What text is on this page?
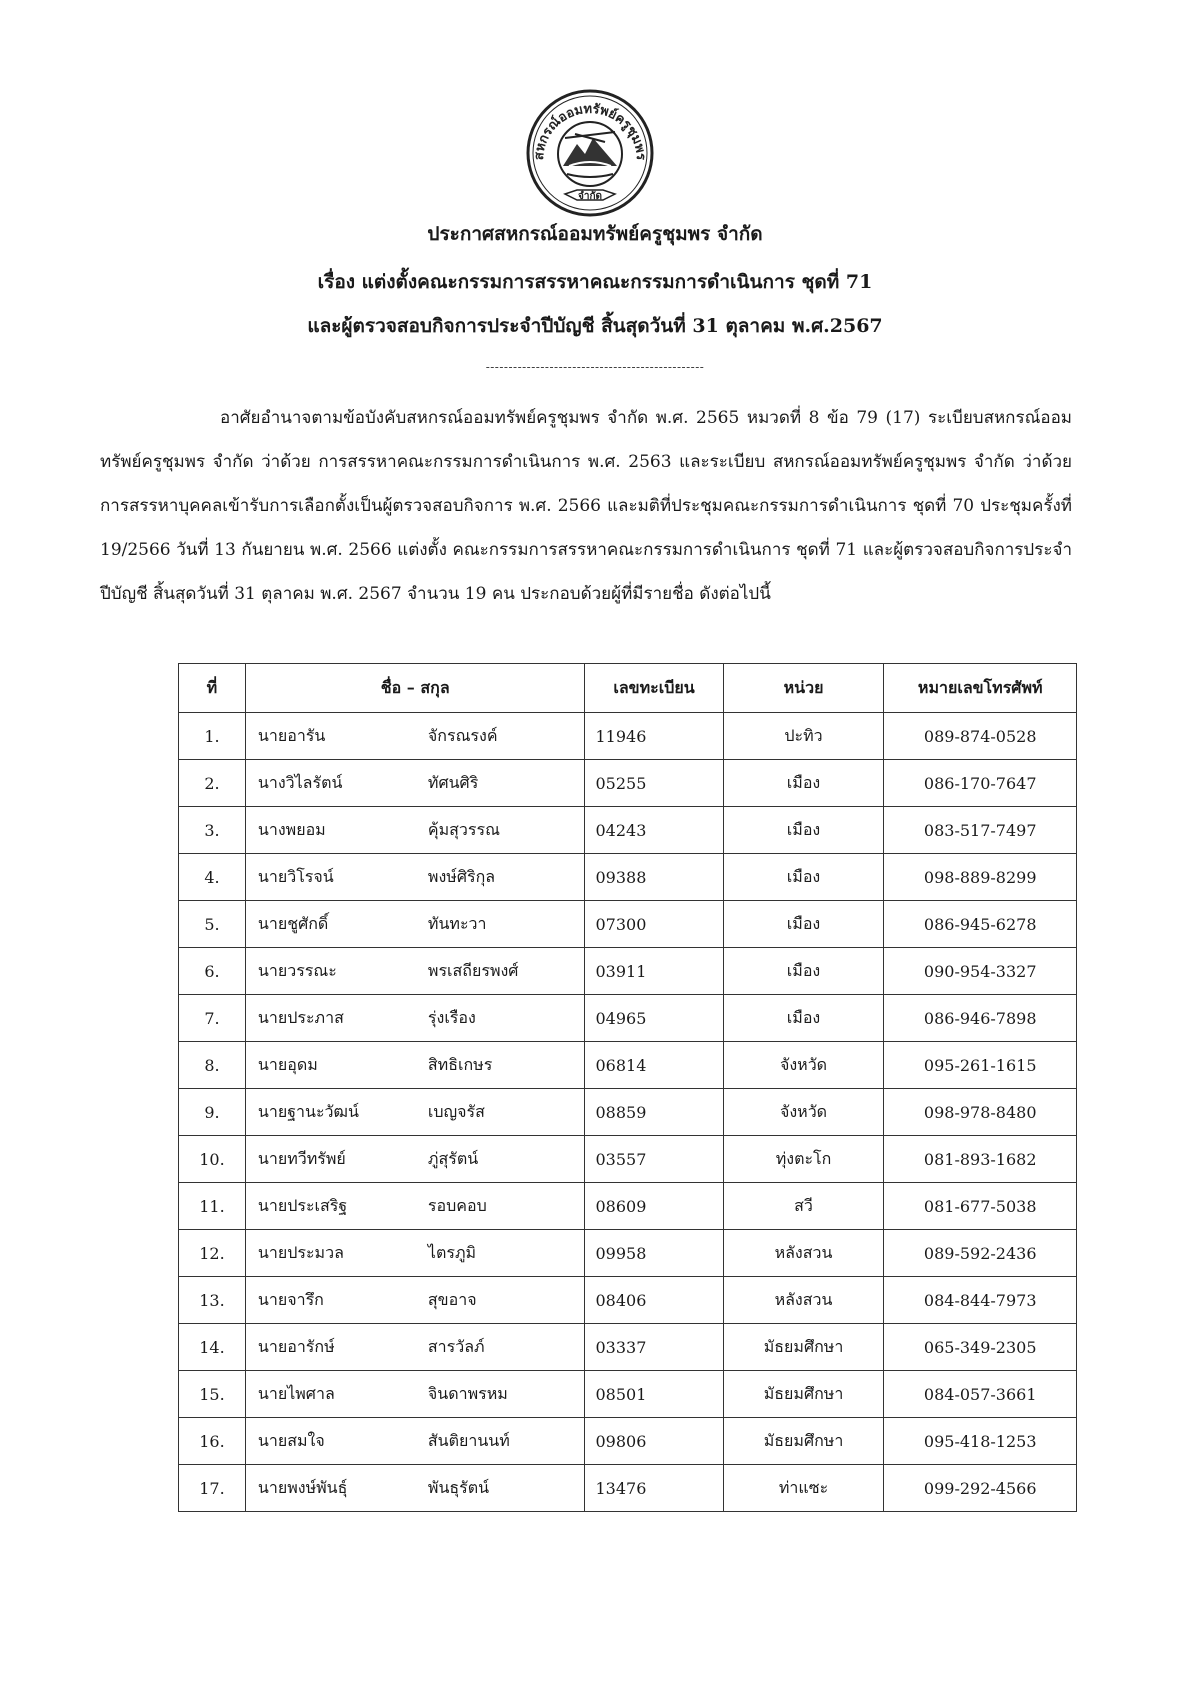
สหกรณ์ออมทรัพย์ครูชุมพร
จำกัด
ประกาศสหกรณ์ออมทรัพย์ครูชุมพร จำกัด
เรื่อง แต่งตั้งคณะกรรมการสรรหาคณะกรรมการดำเนินการ ชุดที่ 71
และผู้ตรวจสอบกิจการประจำปีบัญชี สิ้นสุดวันที่ 31 ตุลาคม พ.ศ.2567
------------------------------------------------
อาศัยอำนาจตามข้อบังคับสหกรณ์ออมทรัพย์ครูชุมพร จำกัด พ.ศ. 2565 หมวดที่ 8 ข้อ 79 (17) ระเบียบสหกรณ์ออมทรัพย์ครูชุมพร จำกัด ว่าด้วย การสรรหาคณะกรรมการดำเนินการ พ.ศ. 2563 และระเบียบ สหกรณ์ออมทรัพย์ครูชุมพร จำกัด ว่าด้วย การสรรหาบุคคลเข้ารับการเลือกตั้งเป็นผู้ตรวจสอบกิจการ พ.ศ. 2566 และมติที่ประชุมคณะกรรมการดำเนินการ ชุดที่ 70 ประชุมครั้งที่ 19/2566 วันที่ 13 กันยายน พ.ศ. 2566 แต่งตั้ง คณะกรรมการสรรหาคณะกรรมการดำเนินการ ชุดที่ 71 และผู้ตรวจสอบกิจการประจำปีบัญชี สิ้นสุดวันที่ 31 ตุลาคม พ.ศ. 2567 จำนวน 19 คน ประกอบด้วยผู้ที่มีรายชื่อ ดังต่อไปนี้
ที่	ชื่อ – สกุล	เลขทะเบียน	หน่วย	หมายเลขโทรศัพท์
1.	นายอารัน จักรณรงค์	11946	ปะทิว	089-874-0528
2.	นางวิไลรัตน์ ทัศนศิริ	05255	เมือง	086-170-7647
3.	นางพยอม คุ้มสุวรรณ	04243	เมือง	083-517-7497
4.	นายวิโรจน์ พงษ์ศิริกุล	09388	เมือง	098-889-8299
5.	นายชูศักดิ์ ทันทะวา	07300	เมือง	086-945-6278
6.	นายวรรณะ พรเสถียรพงศ์	03911	เมือง	090-954-3327
7.	นายประภาส รุ่งเรือง	04965	เมือง	086-946-7898
8.	นายอุดม สิทธิเกษร	06814	จังหวัด	095-261-1615
9.	นายฐานะวัฒน์ เบญจรัส	08859	จังหวัด	098-978-8480
10.	นายทวีทรัพย์ ภู่สุรัตน์	03557	ทุ่งตะโก	081-893-1682
11.	นายประเสริฐ รอบคอบ	08609	สวี	081-677-5038
12.	นายประมวล ไตรภูมิ	09958	หลังสวน	089-592-2436
13.	นายจารึก สุขอาจ	08406	หลังสวน	084-844-7973
14.	นายอารักษ์ สารวัลภ์	03337	มัธยมศึกษา	065-349-2305
15.	นายไพศาล จินดาพรหม	08501	มัธยมศึกษา	084-057-3661
16.	นายสมใจ สันติยานนท์	09806	มัธยมศึกษา	095-418-1253
17.	นายพงษ์พันธุ์ พันธุรัตน์	13476	ท่าแซะ	099-292-4566
